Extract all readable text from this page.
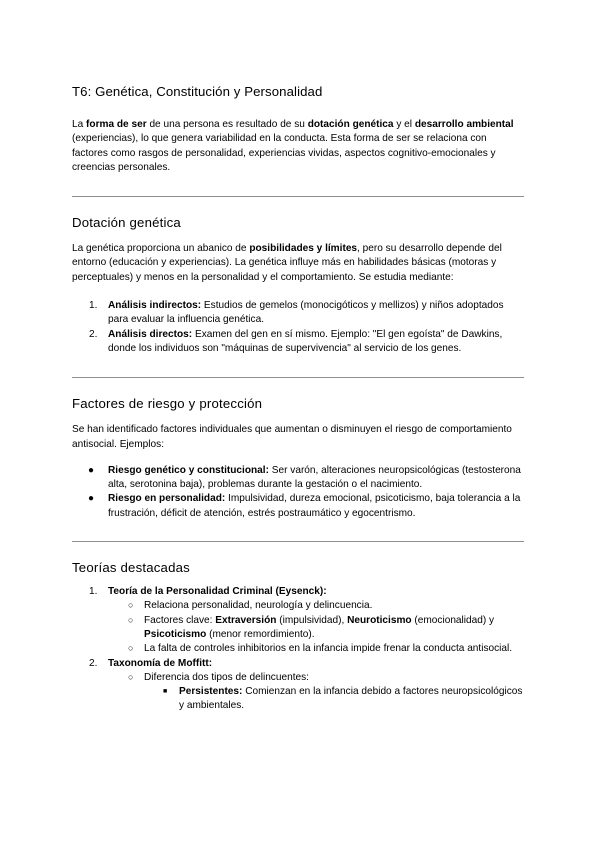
T6: Genética, Constitución y Personalidad

La forma de ser de una persona es resultado de su dotación genética y el desarrollo ambiental (experiencias), lo que genera variabilidad en la conducta. Esta forma de ser se relaciona con factores como rasgos de personalidad, experiencias vividas, aspectos cognitivo-emocionales y creencias personales.

Dotación genética

La genética proporciona un abanico de posibilidades y límites, pero su desarrollo depende del entorno (educación y experiencias). La genética influye más en habilidades básicas (motoras y perceptuales) y menos en la personalidad y el comportamiento. Se estudia mediante:

1. Análisis indirectos: Estudios de gemelos (monocigóticos y mellizos) y niños adoptados para evaluar la influencia genética.
2. Análisis directos: Examen del gen en sí mismo. Ejemplo: "El gen egoísta" de Dawkins, donde los individuos son "máquinas de supervivencia" al servicio de los genes.
Factores de riesgo y protección

Se han identificado factores individuales que aumentan o disminuyen el riesgo de comportamiento antisocial. Ejemplos:

● Riesgo genético y constitucional: Ser varón, alteraciones neuropsicológicas (testosterona alta, serotonina baja), problemas durante la gestación o el nacimiento.
● Riesgo en personalidad: Impulsividad, dureza emocional, psicoticismo, baja tolerancia a la frustración, déficit de atención, estrés postraumático y egocentrismo.
Teorías destacadas
1. Teoría de la Personalidad Criminal (Eysenck):
○ Relaciona personalidad, neurología y delincuencia.
○ Factores clave: Extraversión (impulsividad), Neuroticismo (emocionalidad) y Psicoticismo (menor remordimiento).
○ La falta de controles inhibitorios en la infancia impide frenar la conducta antisocial.
2. Taxonomía de Moffitt:
○ Diferencia dos tipos de delincuentes:
■ Persistentes: Comienzan en la infancia debido a factores neuropsicológicos y ambientales.
